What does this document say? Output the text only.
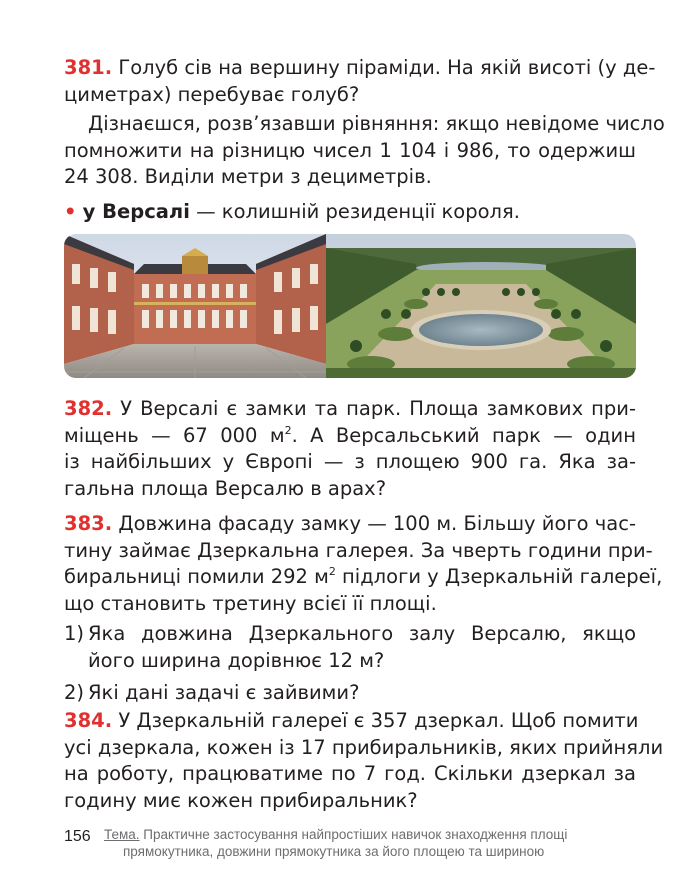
381. Голуб сів на вершину піраміди. На якій висоті (у де-
циметрах) перебуває голуб?
Дізнаєшся, розв’язавши рівняння: якщо невідоме число
помножити на різницю чисел 1 104 і 986, то одержиш
24 308. Виділи метри з дециметрів.
• у Версалі — колишній резиденції короля.
382. У Версалі є замки та парк. Площа замкових при-
міщень — 67 000 $м^2$. А Версальський парк — один
із найбільших у Європі — з площею 900 га. Яка за-
гальна площа Версалю в арах?
383. Довжина фасаду замку — 100 м. Більшу його час-
тину займає Дзеркальна галерея. За чверть години при-
биральниці помили 292 $м^2$ підлоги у Дзеркальній галереї,
що становить третину всієї її площі.
1) Яка довжина Дзеркального залу Версалю, якщо
його ширина дорівнює 12 м?
2) Які дані задачі є зайвими?
384. У Дзеркальній галереї є 357 дзеркал. Щоб помити
усі дзеркала, кожен із 17 прибиральників, яких прийняли
на роботу, працюватиме по 7 год. Скільки дзеркал за
годину миє кожен прибиральник?
156 Тема. Практичне застосування найпростіших навичок знаходження площі
прямокутника, довжини прямокутника за його площею та шириною
